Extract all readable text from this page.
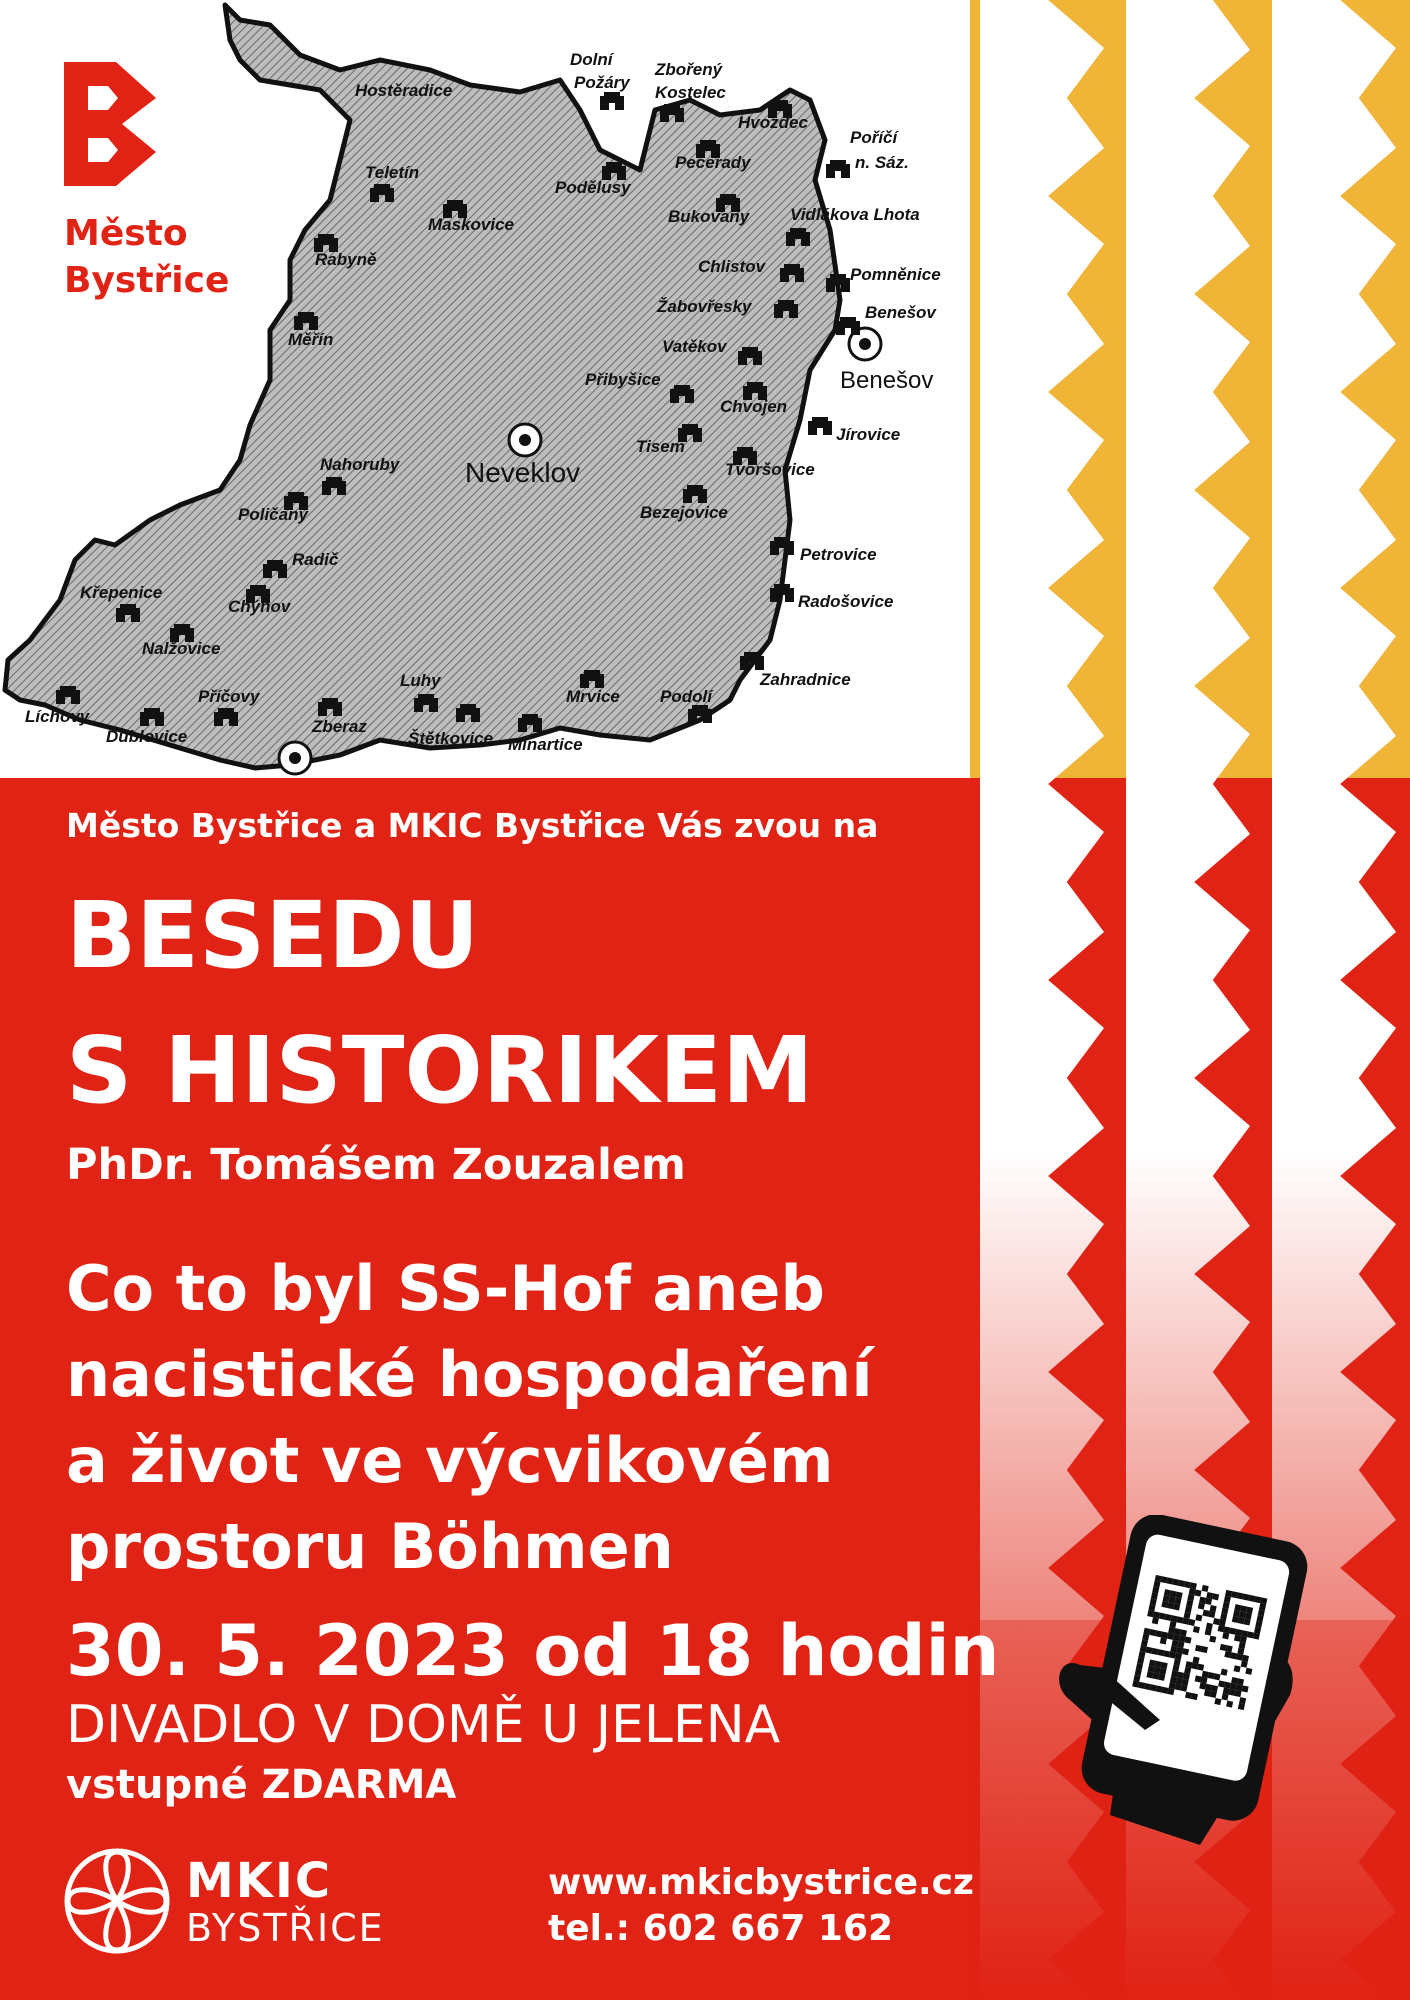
Neveklov
Benešov
Hostěradice
Dolní
Požáry
Zbořený
Kostelec
Hvozdec
Poříčí
n. Sáz.
Teletín
Pecerady
Podělusy
Maskovice	Bukovany Vidlákova Lhota
Rabyně	Chlistov	Pomněnice
Žabovřesky	Benešov
Měřín	Vatěkov
Přibyšice
Chvojen
Jírovice
Nahoruby
Tisem
Tvoršovice
Poličany	Bezejovice
Petrovice
Radič
Křepenice
Chýnov	Radošovice
Nalžovice
Zahradnice
Luhy
Mrvice Podolí
Příčovy
Líchovy
Dublovice
Zberaz
Štětkovice Minartice
Město
Bystřice
Město Bystřice a MKIC Bystřice Vás zvou na
BESEDU
S HISTORIKEM
PhDr. Tomášem Zouzalem
Co to byl SS-Hof aneb
nacistické hospodaření
a život ve výcvikovém
prostoru Böhmen
30. 5. 2023 od 18 hodin
DIVADLO V DOMĚ U JELENA
vstupné ZDARMA
MKIC
BYSTŘICE
www.mkicbystrice.cz
tel.: 602 667 162
